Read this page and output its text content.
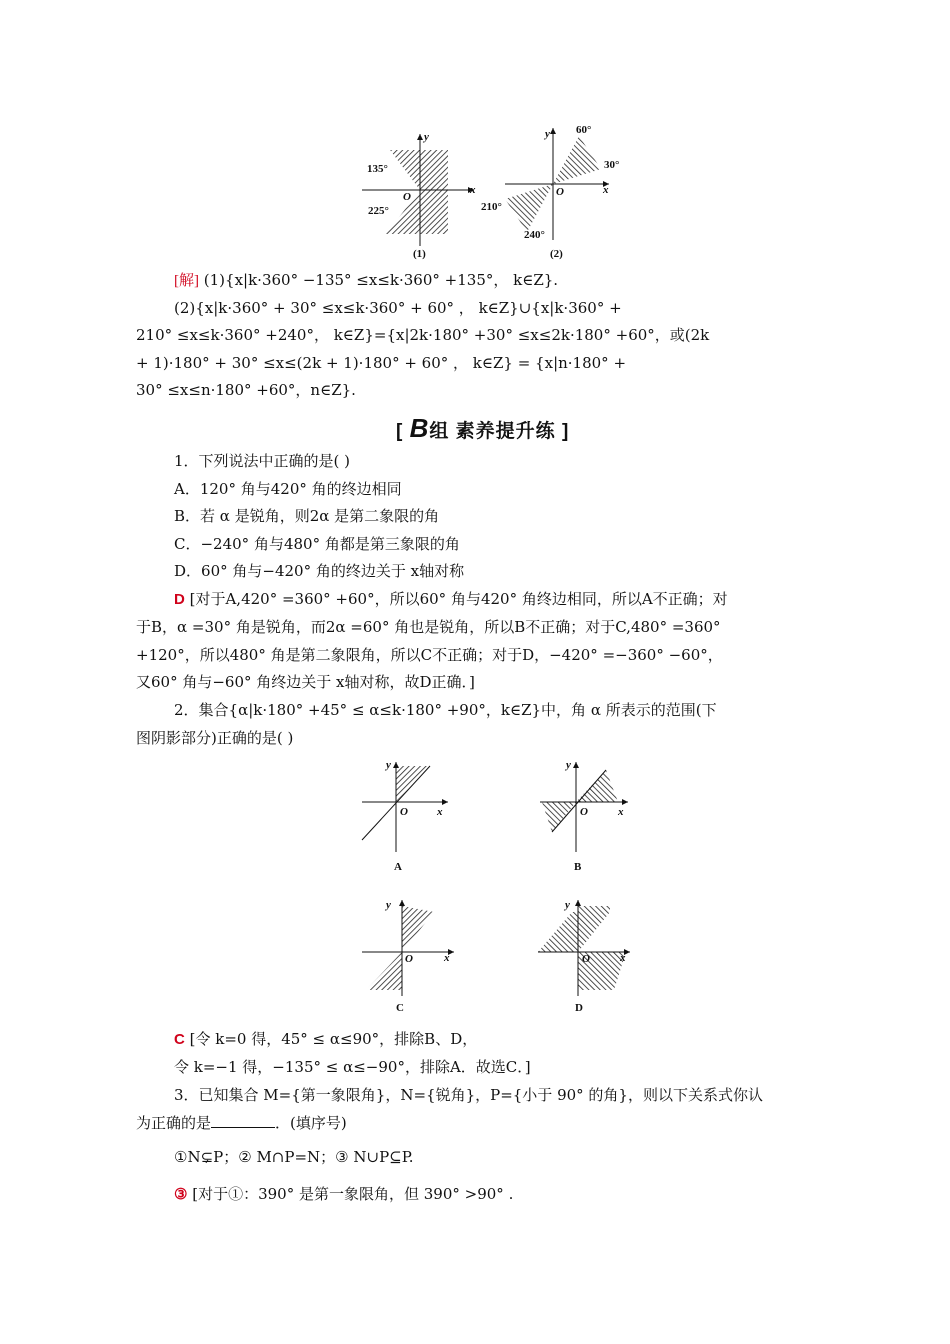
135°
225°
y
x
O
(1)
60°
30°
210°
240°
y
x
O
(2)
[解] (1){x|k·360° −135° ≤x≤k·360° +135°， k∈Z}.
(2){x|k·360° + 30° ≤x≤k·360° + 60° ， k∈Z}∪{x|k·360° +
210° ≤x≤k·360° +240°， k∈Z}={x|2k·180° +30° ≤x≤2k·180° +60°，或(2k
+ 1)·180° + 30° ≤x≤(2k + 1)·180° + 60° ， k∈Z} = {x|n·180° +
30° ≤x≤n·180° +60°，n∈Z}.
[ B组 素养提升练 ]
1．下列说法中正确的是( )
A．120° 角与420° 角的终边相同
B．若 α 是锐角，则2α 是第二象限的角
C．−240° 角与480° 角都是第三象限的角
D．60° 角与−420° 角的终边关于 x轴对称
D [对于A,420° =360° +60°，所以60° 角与420° 角终边相同，所以A不正确；对
于B，α =30° 角是锐角，而2α =60° 角也是锐角，所以B不正确；对于C,480° =360°
+120°，所以480° 角是第二象限角，所以C不正确；对于D，−420° =−360° −60°，
又60° 角与−60° 角终边关于 x轴对称，故D正确．]
2．集合{α|k·180° +45° ≤ α≤k·180° +90°，k∈Z}中，角 α 所表示的范围(下
图阴影部分)正确的是( )
y
x
O
A
y
x
O
B
y
x
O
C
y
x
O
D
C [令 k=0 得，45° ≤ α≤90°，排除B、D，
令 k=−1 得，−135° ≤ α≤−90°，排除A．故选C．]
3．已知集合 M={第一象限角}，N={锐角}，P={小于 90° 的角}，则以下关系式你认
为正确的是	．(填序号)
①N⊊P；② M∩P=N；③ N∪P⊆P.
③ [对于①：390° 是第一象限角，但 390° >90° .
